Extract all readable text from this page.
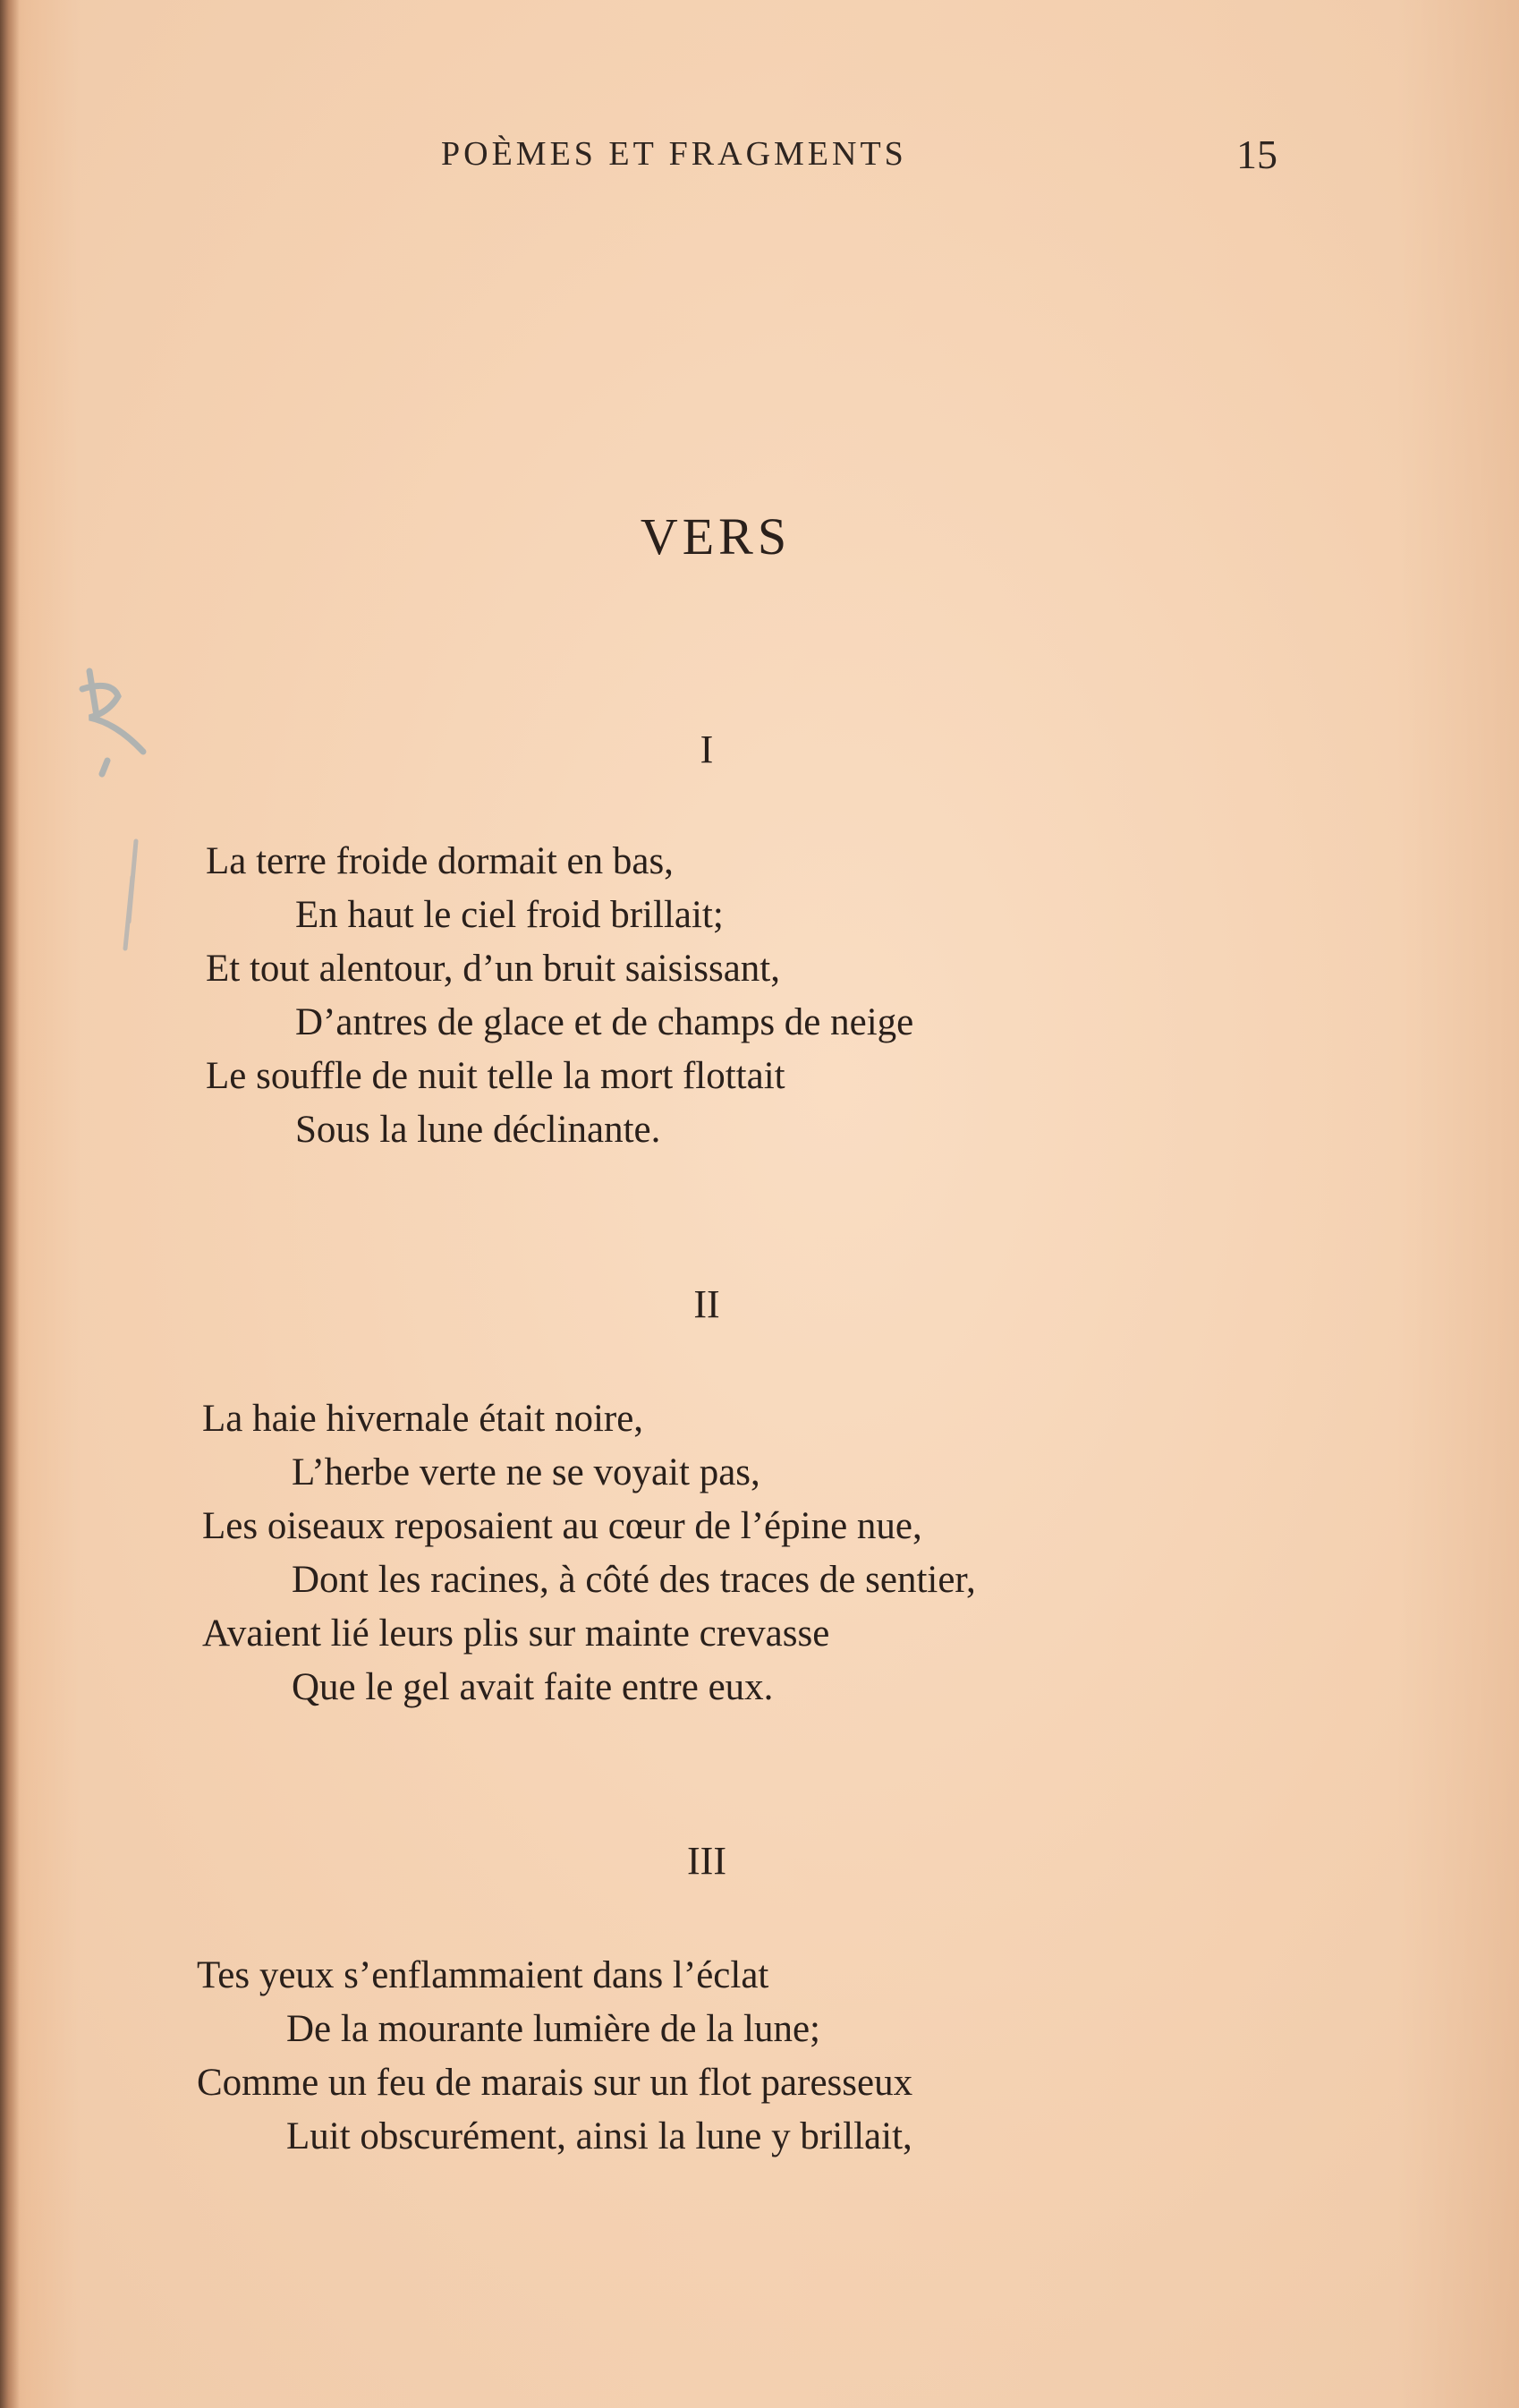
POÈMES ET FRAGMENTS	15
VERS
I
La terre froide dormait en bas,
En haut le ciel froid brillait;
Et tout alentour, d’un bruit saisissant,
D’antres de glace et de champs de neige
Le souffle de nuit telle la mort flottait
Sous la lune déclinante.
II
La haie hivernale était noire,
L’herbe verte ne se voyait pas,
Les oiseaux reposaient au cœur de l’épine nue,
Dont les racines, à côté des traces de sentier,
Avaient lié leurs plis sur mainte crevasse
Que le gel avait faite entre eux.
III
Tes yeux s’enflammaient dans l’éclat
De la mourante lumière de la lune;
Comme un feu de marais sur un flot paresseux
Luit obscurément, ainsi la lune y brillait,
